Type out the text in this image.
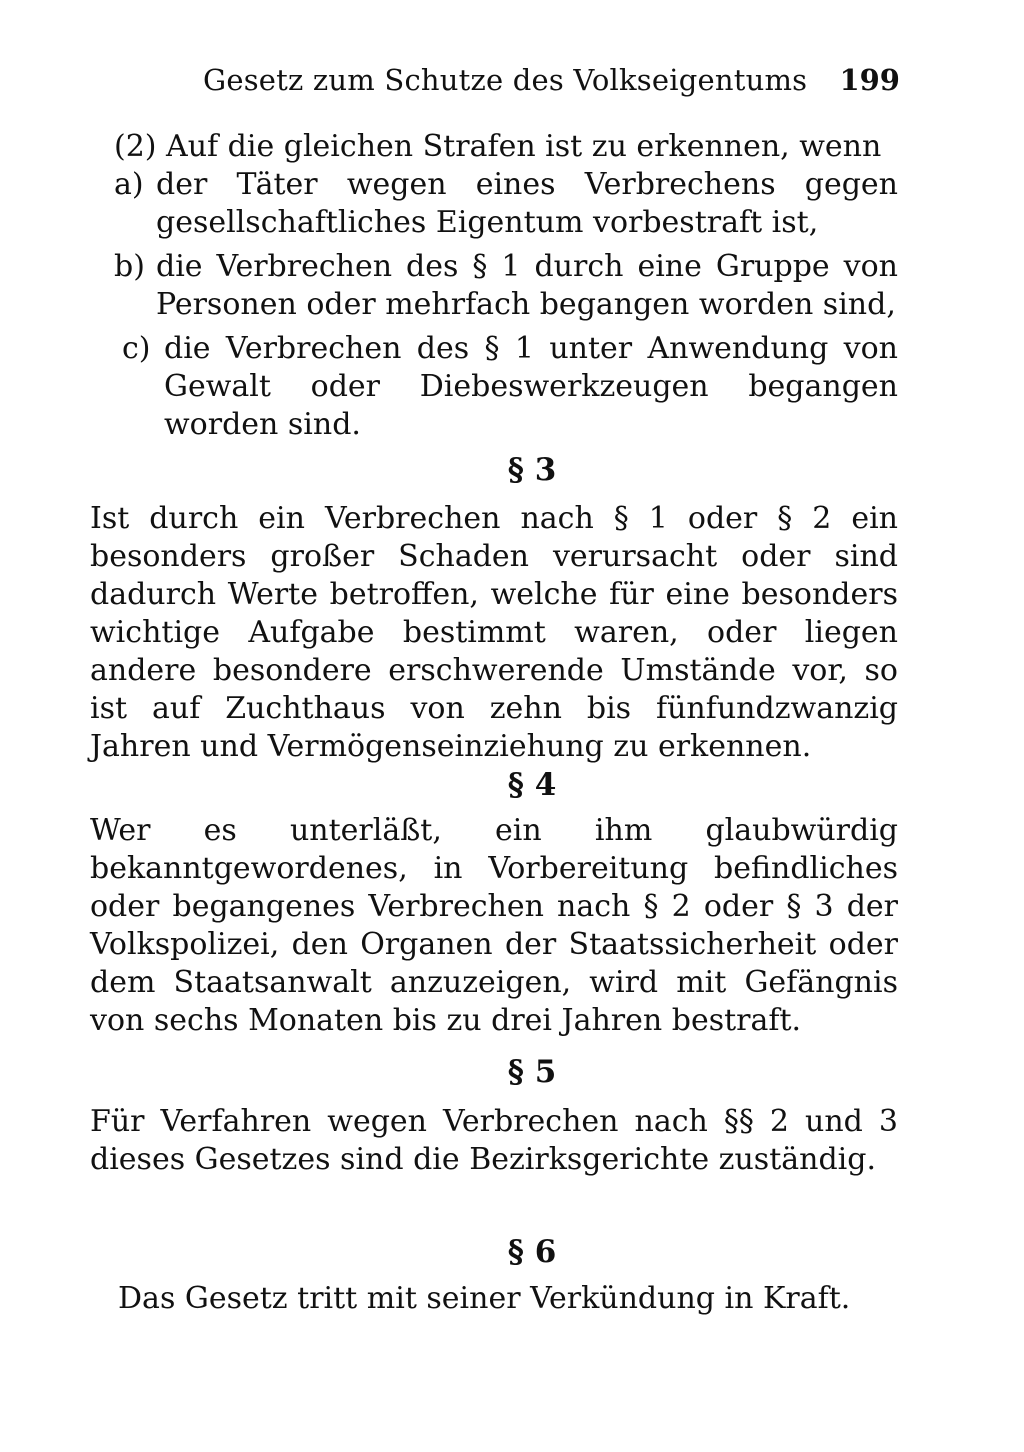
Gesetz zum Schutze des Volkseigentums 199

(2) Auf die gleichen Strafen ist zu erkennen, wenn

a) der Täter wegen eines Verbrechens gegen gesellschaftliches Eigentum vorbestraft ist,
b) die Verbrechen des § 1 durch eine Gruppe von Personen oder mehrfach begangen worden sind,
c) die Verbrechen des § 1 unter Anwendung von Gewalt oder Diebeswerkzeugen begangen worden sind.
§ 3

Ist durch ein Verbrechen nach § 1 oder § 2 ein besonders großer Schaden verursacht oder sind dadurch Werte betroffen, welche für eine besonders wichtige Aufgabe bestimmt waren, oder liegen andere besondere erschwerende Umstände vor, so ist auf Zuchthaus von zehn bis fünfundzwanzig Jahren und Vermögenseinziehung zu erkennen.

§ 4

Wer es unterläßt, ein ihm glaubwürdig bekanntgewordenes, in Vorbereitung befindliches oder begangenes Verbrechen nach § 2 oder § 3 der Volkspolizei, den Organen der Staatssicherheit oder dem Staatsanwalt anzuzeigen, wird mit Gefängnis von sechs Monaten bis zu drei Jahren bestraft.

§ 5

Für Verfahren wegen Verbrechen nach §§ 2 und 3 dieses Gesetzes sind die Bezirksgerichte zuständig.

§ 6

Das Gesetz tritt mit seiner Verkündung in Kraft.
